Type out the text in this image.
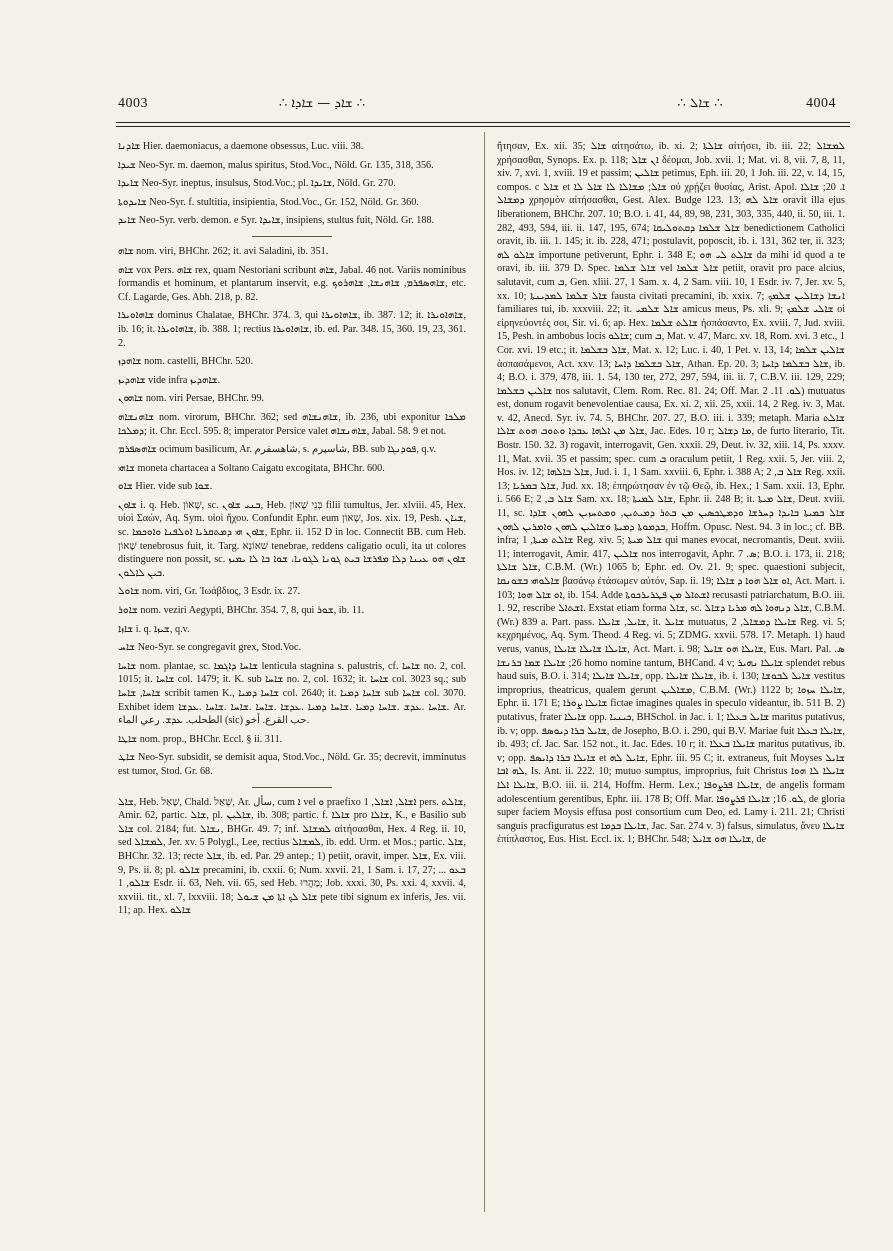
4003	∴ ܫܐܕ — ܫܐܕܐ ∴	∴ ܫܐܠ ∴	4004

ܫܐܕܢܐ Hier. daemoniacus, a daemone obsessus, Luc. viii. 38.

ܫܝܕܐ Neo-Syr. m. daemon, malus spiritus, Stod.Voc., Nöld. Gr. 135, 318, 356.

ܫܐܝܕܐ Neo-Syr. ineptus, insulsus, Stod.Voc.; pl. ܫܐܝܕܐ, Nöld. Gr. 270.

ܫܐܝܕܘܬܐ Neo-Syr. f. stultitia, insipientia, Stod.Voc., Gr. 152, Nöld. Gr. 360.

ܫܐܝܕ Neo-Syr. verb. demon. e Syr. ܫܐܝܕܐ, insipiens, stultus fuit, Nöld. Gr. 188.

ܫܐܗ nom. viri, BHChr. 262; it. avi Saladini, ib. 351.

ܫܐܗ vox Pers. ܫܐܗ rex, quam Nestoriani scribunt ܫܐܗ, Jabal. 46 not. Variis nominibus formandis et hominum, et plantarum inservit, e.g. ܫܐܗܣܦܪܡ, ܫܐܗܢܫܐ, ܫܐܗܪܘܟ, etc. Cf. Lagarde, Ges. Abh. 218, p. 82.

ܫܐܗܐܘܝܪܐ dominus Chalatae, BHChr. 374. 3, qui ܫܐܗܐܘܝܪܐ, ib. 387. 12; it. ܫܐܗܐܘܝܪܐ, ib. 16; it. ܫܐܗܐܘܝܪܐ, ib. 388. 1; rectius ܫܐܗܐܘܝܪܐ, ib. ed. Par. 348. 15, 360. 19, 23, 361. 2.

ܫܐܗܕܙ nom. castelli, BHChr. 520.

ܫܐܗܕܝܙ vide infra ܫܐܗܕܝܙ.

ܫܐܗܘܢ nom. viri Persae, BHChr. 99.

ܫܐܗܢܫܐܗ nom. virorum, BHChr. 362; sed ܫܐܗܢܫܐܗ, ib. 236, ubi exponitur ܡܠܟܐ ܕܡܠܟܐ; it. Chr. Eccl. 595. 8; imperator Persice valet ܫܐܗܢܫܐܗ, Jabal. 58. 9 et not.

ܫܐܗܣܦܪܡ ocimum basilicum, Ar. شاهسفرم, s. شاسپرم, BB. sub ܦܘܕܢܓܐ, q.v.

ܫܐܗܝ moneta chartacea a Soltano Caigatu excogitata, BHChr. 600.

ܫܐܘ Hier. vide sub ܫܘܐ.

ܫܐܘܢ i. q. Heb. שָׁאוֹן, sc. ܒܢܝ ܫܐܘܢ, Heb. בְּנֵי שָׁאוֹן filii tumultus, Jer. xlviii. 45, Hex. υἱοὶ Σαών, Aq. Sym. υἱοὶ ἤχου. Confundit Ephr. eum שָׁאוֹן, Jos. xix. 19, Pesh. ܫܝܐܢ, sc. ܫܐܘܢ ܗܝ ܕܡܬܩܪܝܐ ܐܘܠܦܢܐ ܘܐܘܟܡܐ, Ephr. ii. 152 D in loc. Connectit BB. cum Heb. שָׁאוֹן tenebrosus fuit, it. Targ. שׁאוֹנָא tenebrae, reddens caligatio oculi, ita ut colores distinguere non possit, sc. ܫܐܘܢ ܗܘ ܥܝܢܐ ܕܠܐ ܡܦܪܫܐ ܒܝܬ ܓܘܢܐ ܠܓܘܢܐ، ܫܘܐ ܒܐ ܠܐ ܝܡܝܙ ܒܝܢ ܠܐܠܘܢ.

ܫܐܘܠ nom. viri, Gr. Ἰωάβδιος, 3 Esdr. ix. 27.

ܫܐܘܪ nom. veziri Aegypti, BHChr. 354. 7, 8, qui ܫܘܪ, ib. 11.

ܫܐܙܐ i. q. ܫܝܙܐ, q.v.

ܫܐܚ Neo-Syr. se congregavit grex, Stod.Voc.

ܫܐܚܐ nom. plantae, sc. ܫܐܚܐ ܕܐܓܡܐ lenticula stagnina s. palustris, cf. ܫܐܚܐ no. 2, col. 1015; it. ܫܐܚܐ col. 1479; it. K. sub ܫܐܚܐ no. 2, col. 1632; it. ܫܐܚܐ col. 3023 sq.; sub ܫܐܚܐ, ܫܐܚܐ scribit tamen K., ܫܐܚܐ ܕܡܝܐ col. 2640; it. ܫܐܚܐ ܕܡܝܐ sub ܫܐܚܐ col. 3070. Exhibet idem ܫܐܚܐ .ܥܕܫ .ܫܐܚܐ ܕܡܝܐ .ܫܐܚܐ ܕܡܝܐ .ܥܕܫܐ .ܫܐܚܐ .ܫܐܚܐ .ܫܐܚܐ .ܥܕܫܐ. Ar. الطحلب. ܥܕܫ. رعي الماء (sic) حب القرع. أخو.

ܫܐܛܐ nom. prop., BHChr. Eccl. § ii. 311.

ܫܐܛ Neo-Syr. subsidit, se demisit aqua, Stod.Voc., Nöld. Gr. 35; decrevit, imminutus est tumor, Stod. Gr. 68.

ܫܐܠ, Heb. שָׁאַל, Chald. שְׁאַל, Ar. سأل, cum ܐ vel ܘ praefixo ܐܫܐܠ, ܐܫܐܠ, 1 pers. ܫܐܠܬ, Amir. 62, partic. ܫܐܠ, pl. ܫܐܠܝܢ, ib. 308; partic. f. ܫܐܠܐ pro ܫܐܠܐ, K., e Basilio sub ܫܐܠ col. 2184; fut. ܢܫܐܠ, BHGr. 49. 7; inf. ܠܡܫܐܠ αἰτήσασθαι, Hex. 4 Reg. ii. 10, sed ܠܡܫܐܠ, Jer. xv. 5 Polygl., Lee, rectius ܠܡܫܐܠ, ib. edd. Urm. et Mos.; partic. ܫܐܠ, BHChr. 32. 13; recte ܫܐܠ, ib. ed. Par. 29 antep.; 1) petiit, oravit, imper. ܫܐܠ, Ex. viii. 9, Ps. ii. 8; pl. ܫܐܠܘ precamini, ib. cxxii. 6; Num. xxvii. 21, 1 Sam. i. 17, 27; ... ܒܥܘ ܫܐܠܘ, 1 Esdr. ii. 63, Neh. vii. 65, sed Heb. מַהֲרוּ; Job. xxxi. 30, Ps. xxi. 4, xxvii. 4, xxviii. tit., xl. 7, lxxviii. 18; ܫܐܠ ܠܟ ܐܬܐ ܡܢ ܫܝܘܠ pete tibi signum ex inferis, Jes. vii. 11; ap. Hex. ܫܐܠܘ

ἤτησαν, Ex. xii. 35; ܫܐܠ αἰτησάτω, ib. xi. 2; ܫܐܠܬܐ αἰτήσει, ib. iii. 22; ܠܡܫܐܠ χρήσασθαι, Synops. Ex. p. 118; ܐܢ ܫܐܠ δέομαι, Job. xvii. 1; Mat. vi. 8, vii. 7, 8, 11, xiv. 7, xvi. 1, xviii. 19 et passim; ܫܐܠܝܢ petimus, Eph. iii. 20, 1 Joh. iii. 22, v. 14, 15, compos. c ܫܐܠ et ܫܐܠ; ܡܫܐܠܐ ܠܐ ܫܐܠ ܠܐ οὐ χρῄζει θυσίας, Arist. Apol. ܐ. 20; ܫܐܠܐ ܕܡܫܐܠ χρησμὸν αἰτήσασθαι, Gest. Alex. Budge 123. 13; ܫܐܠ ܠܗ oravit illa ejus liberationem, BHChr. 207. 10; B.O. i. 41, 44, 89, 98, 231, 303, 335, 440, ii. 50, iii. 1. 282, 493, 594, iii. ii. 147, 195, 674; ܫܐܠ ܫܠܡܐ ܕܩܬܘܠܝܩܐ benedictionem Catholici oravit, ib. iii. 1. 145; it. ib. 228, 471; postulavit, poposcit, ib. i. 131, 362 ter, ii. 323; ܫܐܠܘ ܠܗ importune petiverunt, Ephr. i. 348 E; ܫܐܠܬ ܠܝ ܗܘ da mihi id quod a te oravi, ib. iii. 379 D. Spec. ܫܐܠ ܫܠܡܐ vel ܫܐܠ ܫܠܡܐ petiit, oravit pro pace alcius, salutavit, cum ܒ, Gen. xliii. 27, 1 Sam. x. 4, 2 Sam. viii. 10, 1 Esdr. iv. 7, Jer. xv. 5, xx. 10; ܫܐܠ ܫܠܡܐ ܠܡܕܝܢܬܐ fausta civitati precamini, ib. xxix. 7; ܐܢܫܐ ܕܫܐܠܝܢ ܫܠܡܟ familiares tui, ib. xxxviii. 22; it. ܫܐܠ ܫܠܡܝ amicus meus, Ps. xli. 9; ܫܐܠܝ ܫܠܡܟ οἱ εἰρηνεύοντές σοι, Sir. vi. 6; ap. Hex. ܫܐܠܬ ܫܠܡܐ ἠσπάσαντο, Ex. xviii. 7, Jud. xviii. 15, Pesh. in ambobus locis ܫܐܠܘ; cum ܒ, Mat. v. 47, Marc. xv. 18, Rom. xvi. 3 etc., 1 Cor. xvi. 19 etc.; it. ܫܐܠ ܒܫܠܡܐ, Mat. x. 12; Luc. i. 40, 1 Pet. v. 13, 14; ܫܐܠܝܢ ܫܠܡܐ ἀσπασάμενοι, Act. xxv. 13; ܫܐܠ ܒܫܠܡܐ ܕܐܚܐ, Athan. Ep. 20. 3; ܫܐܠ ܒܫܠܡܐ ܕܐܚܐ, ib. 4; B.O. i. 379, 478, iii. 1. 54, 130 ter, 272, 297, 594, iii. ii. 7, C.B.V. iii. 129, 229; ܫܐܠܝܢ ܒܫܠܡܐ nos salutavit, Clem. Rom. Rec. 81. 24; Off. Mar. ܠܘ. 11. 2) mutuatus est, donum rogavit benevolentiae causa, Ex. xi. 2, xii. 25, xxii. 14, 2 Reg. iv. 3, Mat. v. 42, Anecd. Syr. iv. 74. 5, BHChr. 207. 27, B.O. iii. i. 339; metaph. Maria ܫܐܠܬ ܫܐܠ ܡܢ ܐܠܗܐ ܥܒܕܐ ܘܬܘܒ ܗܘܬ ܫܐܠܐ, Jac. Edes. 10 r; ܡܐ ܕܫܐܠ, de furto literario, Tit. Bostr. 150. 32. 3) rogavit, interrogavit, Gen. xxxii. 29, Deut. iv. 32, xiii. 14, Ps. xxxv. 11, Mat. xvii. 35 et passim; spec. cum ܒ oraculum petiit, 1 Reg. xxii. 5, Jer. viii. 2, Hos. iv. 12; ܫܐܠ ܒܐܠܗܐ, Jud. i. 1, 1 Sam. xxviii. 6, Ephr. i. 388 A; ܫܐܠ ܒ, 2 Reg. xxii. 13; ܫܐܠ ܒܡܪܝܐ, Jud. xx. 18; ἐπηρώτησαν ἐν τῷ Θεῷ, ib. Hex.; 1 Sam. xxii. 13, Ephr. i. 566 E; ܫܐܠ ܒ, 2 Sam. xx. 18; ܫܐܠ ܠܡܝܬܐ, Ephr. ii. 248 B; it. ܫܐܠ ܡܝܬܐ, Deut. xviii. 11, sc. ܫܐܠ ܒܡܝܬܐ ܒܐܝܕܐ ܕܚܪܫܐ ܘܕܡܛܟܣܝܢ ܡܢ ܒܬܪ ܕܡܝܬܝܢ, ܘܡܬܚܙܝܢ ܠܗܘܢ ܫܐܕܐ ܒܕܡܘܬܐ ܕܡܝܬܐ ܘܫܐܠܝܢ ܠܗܘܢ ܘܐܡܪܝܢ ܠܗܘܢ, Hoffm. Opusc. Nest. 94. 3 in loc.; cf. BB. infra; ܫܐܠܬ ܡܝܬܐ, 1 Reg. xiv. 5; ܫܐܠ ܡܝܬܐ qui manes evocat, necromantis, Deut. xviii. 11; interrogavit, Amir. 417, ܫܐܠܝܢ nos interrogavit, Aphr. ܣ. 7; B.O. i. 173, ii. 218; ܫܐܠ ܫܐܠܬܐ, C.B.M. (Wr.) 1065 b; Ephr. ed. Ov. 21. 9; spec. quaestioni subjecit, ܫܐܠܘܗܝ ܒܫܘܢܩܐ βασάνῳ ἐτάσωμεν αὐτόν, Sap. ii. 19; ܐܘ ܫܐܠ ܗܘܐ ܕ ܫܐܠܐ, Act. Mart. i. 103; ܐܘ ܫܐܠ ܗܘܐ, ib. 154. Adde ܐܫܬܐܠ ܡܢ ܦܛܪܝܪܟܘܬܐ recusasti patriarchatum, B.O. iii. 1. 92, rescribe ܐܫܬܐܠ. Exstat etiam forma ܫܐܠ, sc. ܫܐܠ ܕܢܗܘܐ ܠܗ ܡܪܝܐ ܕܫܐܠ, C.B.M. (Wr.) 839 a. Part. pass. ܫܐܝܠ, ܫܐܝܠܐ, it. ܫܐܝܠ mutuatus, ܫܐܝܠܐ ܕܡܫܐܠ, 2 Reg. vi. 5; κεχρημένος, Aq. Sym. Theod. 4 Reg. vi. 5; ZDMG. xxvii. 578. 17. Metaph. 1) haud verus, vanus, ܫܐܝܠܐ ܫܐܝܠܐ ܫܐܝܠܐ, Act. Mart. i. 98; ܫܐܝܠܐ ܗܘ ܫܐܝܠ, Eus. Mart. Pal. ܣ. 26; ܫܐܝܠܐ ܫܡܐ ܒܪܢܫܐ homo nomine tantum, BHCand. 4 v; ܫܐܝܠܐ ܢܗܝܪ splendet rebus haud suis, B.O. i. 314; ܫܐܝܠܐ ܫܐܝܠܐ, opp. ܫܐܝܠܐ ܫܐܝܠܐ, ib. i. 130; ܫܐܝܠ ܠܒܘܫܐ vestitus improprius, theatricus, qualem gerunt ܡܫܐܠܝܢ, C.B.M. (Wr.) 1122 b; ܫܐܝܠܐ ܚܙܘܐ, Ephr. ii. 171 E; ܫܐܝܠܐ ܨܘܪܐ fictae imagines quales in speculo videantur, ib. 511 B. 2) putativus, frater ܫܐܝܠܐ opp. ܟܝܢܝܐ, BHSchol. in Jac. i. 1; ܫܐܝܠ ܒܥܠܐ maritus putativus, ib. v; opp. ܫܐܝܠ ܒܪܐ ܕܝܘܣܦ, de Josepho, B.O. i. 290, qui B.V. Mariae fuit ܫܐܝܠܐ ܒܥܠܐ, ib. 493; cf. Jac. Sar. 152 not., it. Jac. Edes. 10 r; it. ܫܐܝܠܐ ܒܥܠܐ maritus putativus, ib. v; opp. ܫܐܝܠܐ ܒܪܐ ܕܐܝܣܦ et ܫܐܝܠ ܠܗ, Ephr. iii. 95 C; it. extraneus, fuit Moyses ܫܐܝܠ ܠܗ ܐܒܐ, Is. Ant. ii. 222. 10; mutuo sumptus, improprius, fuit Christus ܫܐܝܠܐ ܠܐ ܗܘܐ ܫܐܝܠܐ ܐܠܐ, B.O. iii. ii. 214, Hoffm. Herm. Lex.; ܫܐܝܠܐ ܦܪܨܘܦܐ, de angelis formam adolescentium gerentibus, Ephr. iii. 178 B; Off. Mar. ܠܘ. 16; ܫܐܝܠܐ ܦܪܨܘܦܐ, de gloria super faciem Moysis effusa post consortium cum Deo, ed. Lamy i. 211. 21; Christi sanguis pracfiguratus est ܫܐܝܠܐ ܒܕܡܐ, Jac. Sar. 274 v. 3) falsus, simulatus, ἄνευ ܫܐܝܠܐ ἐπίπλαστος, Eus. Hist. Eccl. ix. 1; BHChr. 548; ܫܐܝܠܐ ܗܘ ܫܐܝܠ, de
